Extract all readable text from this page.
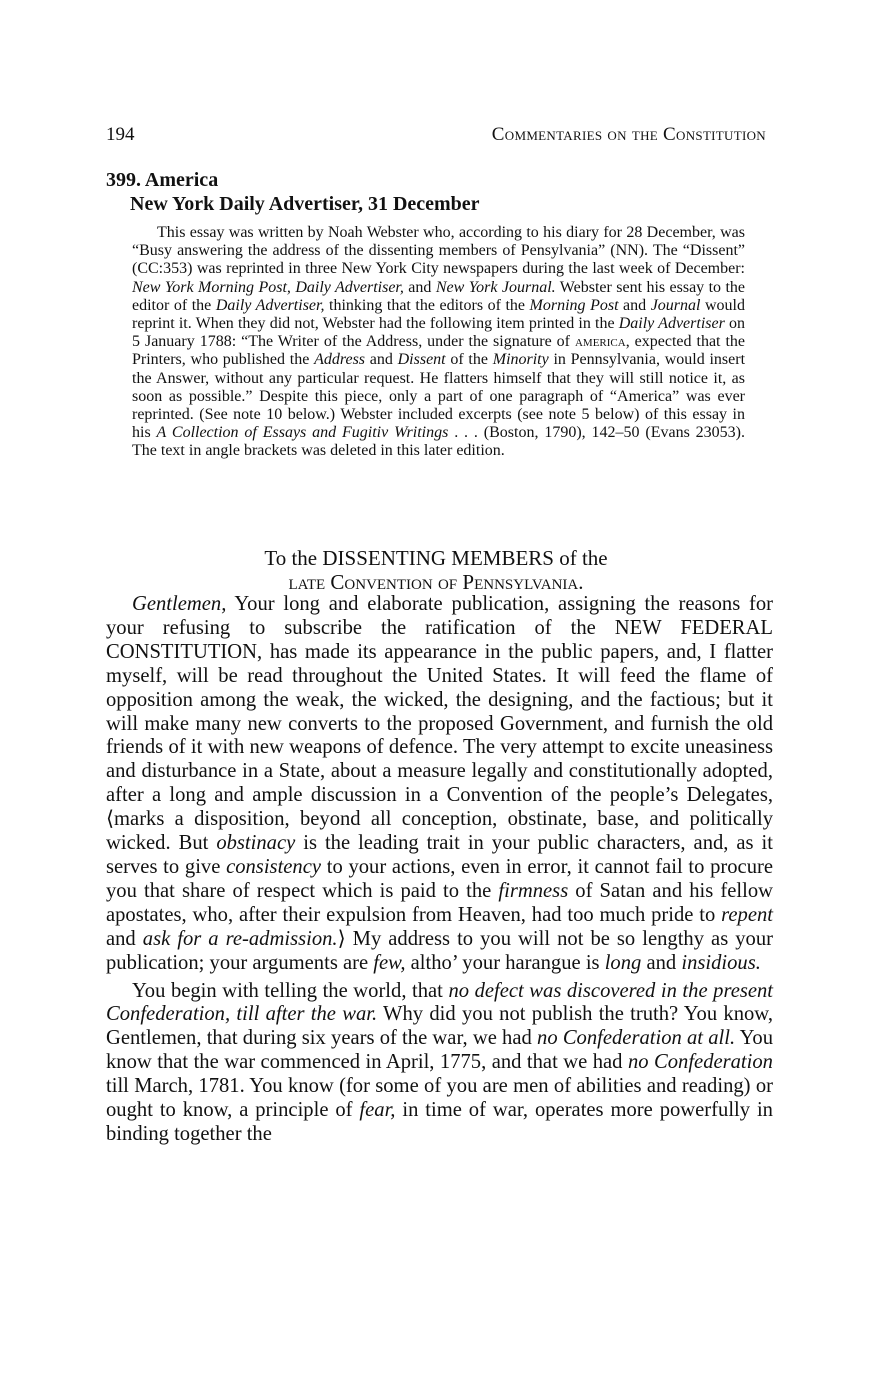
194	Commentaries on the Constitution
399. America
New York Daily Advertiser, 31 December
This essay was written by Noah Webster who, according to his diary for 28 December, was “Busy answering the address of the dissenting members of Pensylvania” (NN). The “Dissent” (CC:353) was reprinted in three New York City newspapers during the last week of December: New York Morning Post, Daily Advertiser, and New York Journal. Webster sent his essay to the editor of the Daily Advertiser, thinking that the editors of the Morning Post and Journal would reprint it. When they did not, Webster had the following item printed in the Daily Advertiser on 5 January 1788: “The Writer of the Address, under the signature of america, expected that the Printers, who published the Address and Dissent of the Minority in Pennsylvania, would insert the Answer, without any particular request. He flatters himself that they will still notice it, as soon as possible.” Despite this piece, only a part of one paragraph of “America” was ever reprinted. (See note 10 below.) Webster included excerpts (see note 5 below) of this essay in his A Collection of Essays and Fugitiv Writings . . . (Boston, 1790), 142–50 (Evans 23053). The text in angle brackets was deleted in this later edition.
To the DISSENTING MEMBERS of the
late Convention of Pennsylvania.

Gentlemen, Your long and elaborate publication, assigning the reasons for your refusing to subscribe the ratification of the NEW FEDERAL CONSTITUTION, has made its appearance in the public papers, and, I flatter myself, will be read throughout the United States. It will feed the flame of opposition among the weak, the wicked, the designing, and the factious; but it will make many new converts to the proposed Government, and furnish the old friends of it with new weapons of defence. The very attempt to excite uneasiness and disturbance in a State, about a measure legally and constitutionally adopted, after a long and ample discussion in a Convention of the people’s Delegates, ⟨marks a disposition, beyond all conception, obstinate, base, and politically wicked. But obstinacy is the leading trait in your public characters, and, as it serves to give consistency to your actions, even in error, it cannot fail to procure you that share of respect which is paid to the firmness of Satan and his fellow apostates, who, after their expulsion from Heaven, had too much pride to repent and ask for a re-admission.⟩ My address to you will not be so lengthy as your publication; your arguments are few, altho’ your harangue is long and insidious.

You begin with telling the world, that no defect was discovered in the present Confederation, till after the war. Why did you not publish the truth? You know, Gentlemen, that during six years of the war, we had no Confederation at all. You know that the war commenced in April, 1775, and that we had no Confederation till March, 1781. You know (for some of you are men of abilities and reading) or ought to know, a principle of fear, in time of war, operates more powerfully in binding together the
